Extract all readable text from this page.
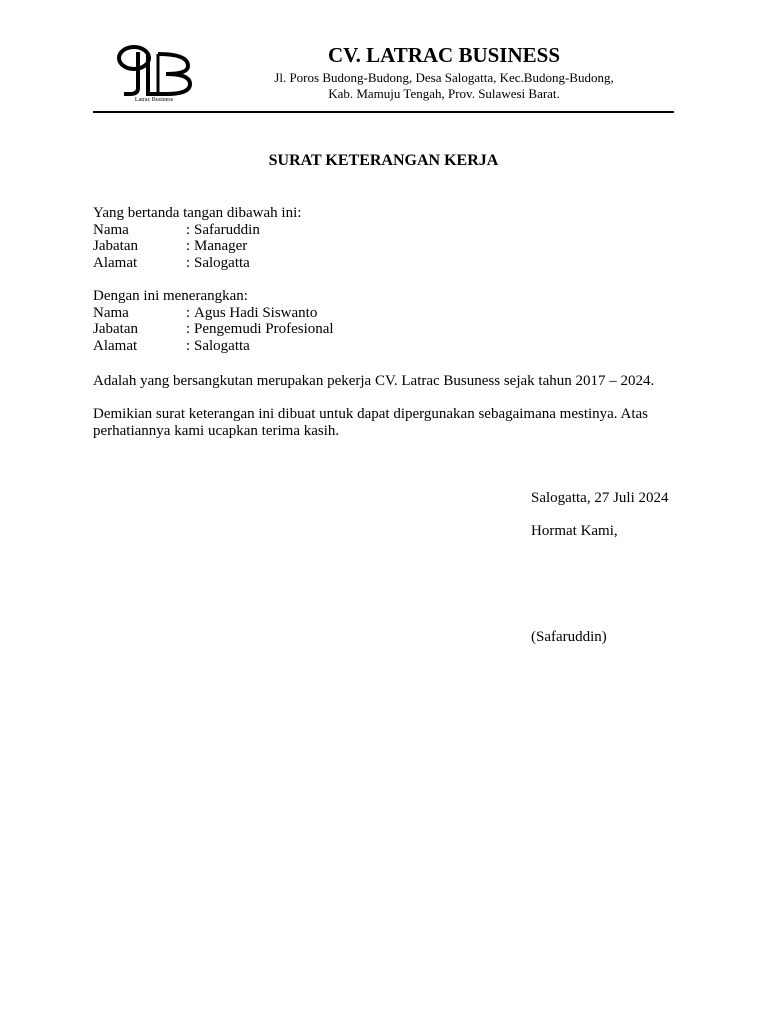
Latrac Business
CV. LATRAC BUSINESS
Jl. Poros Budong-Budong, Desa Salogatta, Kec.Budong-Budong,
Kab. Mamuju Tengah, Prov. Sulawesi Barat.
SURAT KETERANGAN KERJA
Yang bertanda tangan dibawah ini:
Nama	: Safaruddin
Jabatan	: Manager
Alamat	: Salogatta
Dengan ini menerangkan:
Nama	: Agus Hadi Siswanto
Jabatan	: Pengemudi Profesional
Alamat	: Salogatta
Adalah yang bersangkutan merupakan pekerja CV. Latrac Busuness sejak tahun 2017 – 2024.
Demikian surat keterangan ini dibuat untuk dapat dipergunakan sebagaimana mestinya. Atas perhatiannya kami ucapkan terima kasih.
Salogatta, 27 Juli 2024
Hormat Kami,
(Safaruddin)
